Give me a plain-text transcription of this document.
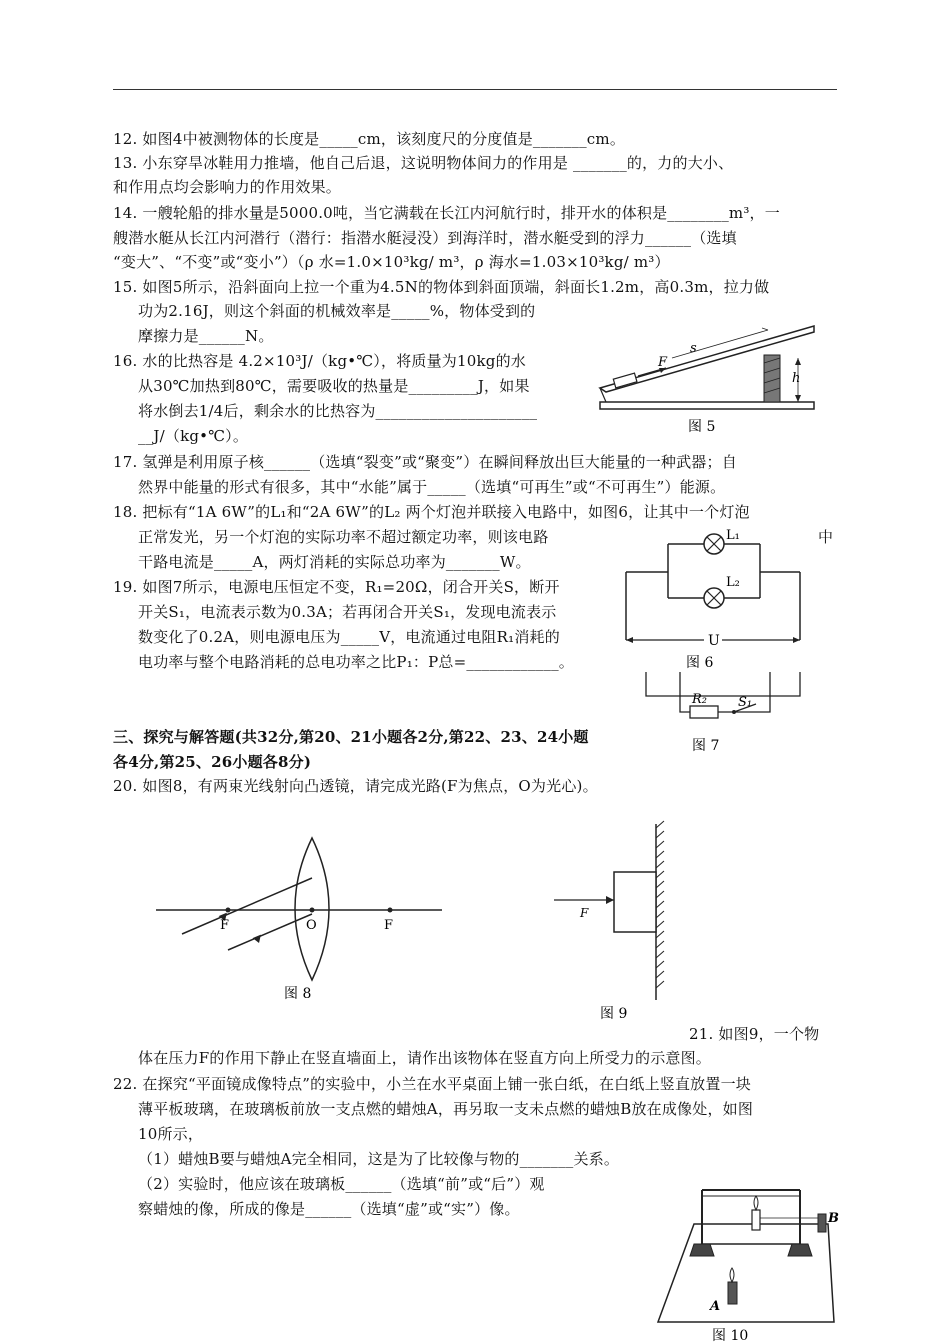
12. 如图4中被测物体的长度是_____cm，该刻度尺的分度值是_______cm。
13. 小东穿旱冰鞋用力推墙，他自己后退，这说明物体间力的作用是 _______的，力的大小、
和作用点均会影响力的作用效果。
14. 一艘轮船的排水量是5000.0吨，当它满载在长江内河航行时，排开水的体积是________m³，一
艘潜水艇从长江内河潜行（潜行：指潜水艇浸没）到海洋时，潜水艇受到的浮力______（选填
“变大”、“不变”或“变小”）（ρ 水=1.0×10³kg/ m³，ρ 海水=1.03×10³kg/ m³）
15. 如图5所示，沿斜面向上拉一个重为4.5N的物体到斜面顶端，斜面长1.2m，高0.3m，拉力做
功为2.16J，则这个斜面的机械效率是_____%，物体受到的
摩擦力是______N。
16. 水的比热容是 4.2×10³J/（kg•℃），将质量为10kg的水
从30℃加热到80℃，需要吸收的热量是_________J，如果
将水倒去1/4后，剩余水的比热容为_____________________
__J/（kg•℃）。
17. 氢弹是利用原子核______（选填“裂变”或“聚变”）在瞬间释放出巨大能量的一种武器；自
然界中能量的形式有很多，其中“水能”属于_____（选填“可再生”或“不可再生”）能源。
18. 把标有“1A 6W”的L₁和“2A 6W”的L₂ 两个灯泡并联接入电路中，如图6，让其中一个灯泡
正常发光，另一个灯泡的实际功率不超过额定功率，则该电路	中
干路电流是_____A，两灯消耗的实际总功率为_______W。
19. 如图7所示，电源电压恒定不变，R₁=20Ω，闭合开关S，断开
开关S₁，电流表示数为0.3A；若再闭合开关S₁，发现电流表示
数变化了0.2A，则电源电压为_____V，电流通过电阻R₁消耗的
电功率与整个电路消耗的总电功率之比P₁：P总=____________。
三、探究与解答题(共32分,第20、21小题各2分,第22、23、24小题
各4分,第25、26小题各8分)
20. 如图8，有两束光线射向凸透镜，请完成光路(F为焦点，O为光心)。
21. 如图9，一个物
体在压力F的作用下静止在竖直墙面上，请作出该物体在竖直方向上所受力的示意图。
22. 在探究“平面镜成像特点”的实验中，小兰在水平桌面上铺一张白纸，在白纸上竖直放置一块
薄平板玻璃，在玻璃板前放一支点燃的蜡烛A，再另取一支未点燃的蜡烛B放在成像处，如图
10所示，
（1）蜡烛B要与蜡烛A完全相同，这是为了比较像与物的_______关系。
（2）实验时，他应该在玻璃板______（选填“前”或“后”）观
察蜡烛的像，所成的像是______（选填“虚”或“实”）像。
s
h
F
图 5
L₁
L₂
U
图 6
R₂ S₁
图 7
F	O	F
图 8
F
图 9
A
B
图 10
